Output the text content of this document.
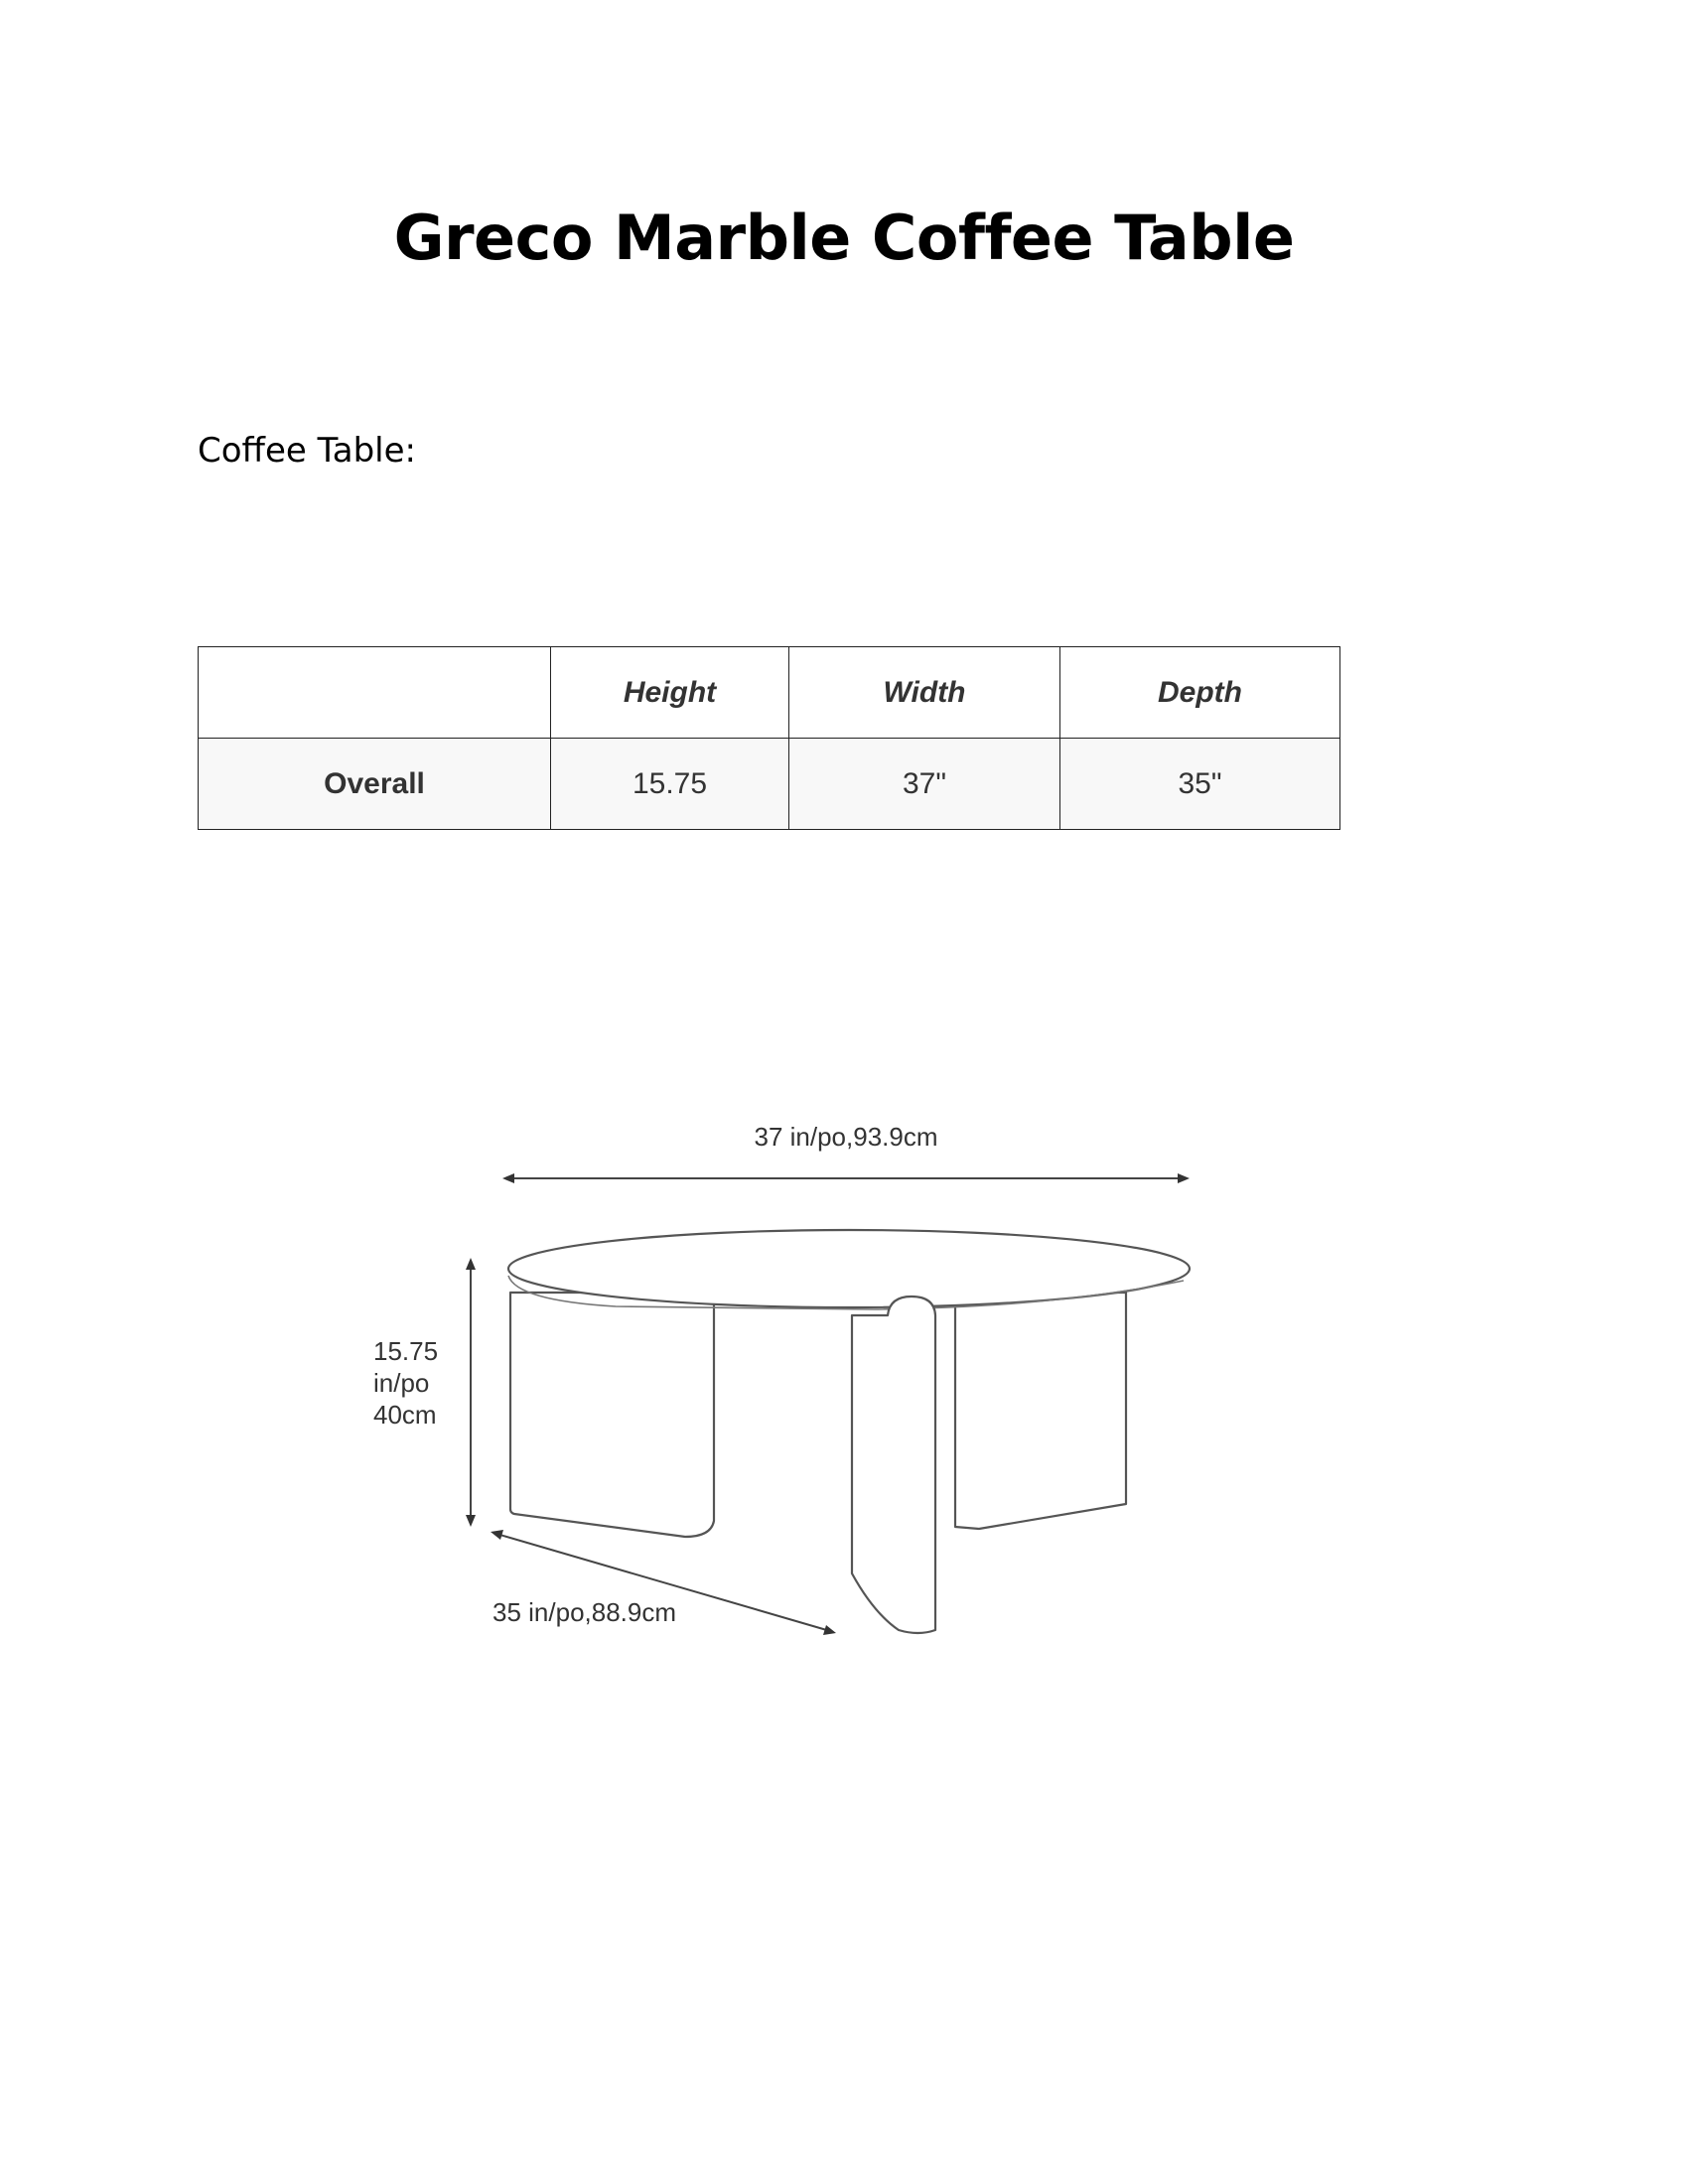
Greco Marble Coffee Table

Coffee Table:

	Height	Width	Depth
Overall	15.75	37"	35"
37 in/po,93.9cm
15.75
in/po
40cm
35 in/po,88.9cm
